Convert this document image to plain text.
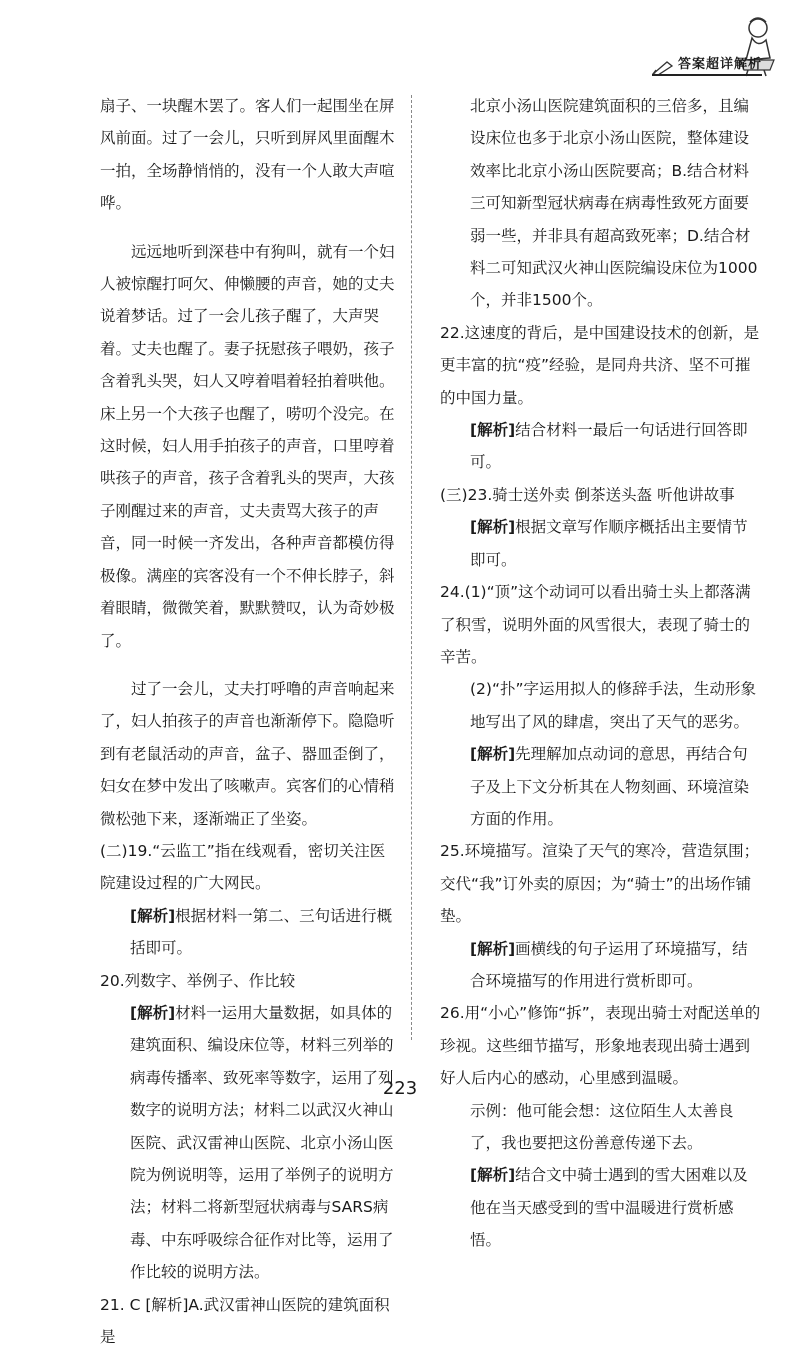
答案超详解析

扇子、一块醒木罢了。客人们一起围坐在屏风前面。过了一会儿，只听到屏风里面醒木一拍，全场静悄悄的，没有一个人敢大声喧哗。

远远地听到深巷中有狗叫，就有一个妇人被惊醒打呵欠、伸懒腰的声音，她的丈夫说着梦话。过了一会儿孩子醒了，大声哭着。丈夫也醒了。妻子抚慰孩子喂奶，孩子含着乳头哭，妇人又哼着唱着轻拍着哄他。床上另一个大孩子也醒了，唠叨个没完。在这时候，妇人用手拍孩子的声音，口里哼着哄孩子的声音，孩子含着乳头的哭声，大孩子刚醒过来的声音，丈夫责骂大孩子的声音，同一时候一齐发出，各种声音都模仿得极像。满座的宾客没有一个不伸长脖子，斜着眼睛，微微笑着，默默赞叹，认为奇妙极了。

过了一会儿，丈夫打呼噜的声音响起来了，妇人拍孩子的声音也渐渐停下。隐隐听到有老鼠活动的声音，盆子、器皿歪倒了，妇女在梦中发出了咳嗽声。宾客们的心情稍微松弛下来，逐渐端正了坐姿。

(二)19.“云监工”指在线观看，密切关注医院建设过程的广大网民。

[解析]根据材料一第二、三句话进行概括即可。

20.列数字、举例子、作比较

[解析]材料一运用大量数据，如具体的建筑面积、编设床位等，材料三列举的病毒传播率、致死率等数字，运用了列数字的说明方法；材料二以武汉火神山医院、武汉雷神山医院、北京小汤山医院为例说明等，运用了举例子的说明方法；材料二将新型冠状病毒与SARS病毒、中东呼吸综合征作对比等，运用了作比较的说明方法。

21. C [解析]A.武汉雷神山医院的建筑面积是

北京小汤山医院建筑面积的三倍多，且编设床位也多于北京小汤山医院，整体建设效率比北京小汤山医院要高；B.结合材料三可知新型冠状病毒在病毒性致死方面要弱一些，并非具有超高致死率；D.结合材料二可知武汉火神山医院编设床位为1000个，并非1500个。

22.这速度的背后，是中国建设技术的创新，是更丰富的抗“疫”经验，是同舟共济、坚不可摧的中国力量。

[解析]结合材料一最后一句话进行回答即可。

(三)23.骑士送外卖 倒茶送头盔 听他讲故事

[解析]根据文章写作顺序概括出主要情节即可。

24.(1)“顶”这个动词可以看出骑士头上都落满了积雪，说明外面的风雪很大，表现了骑士的辛苦。

(2)“扑”字运用拟人的修辞手法，生动形象地写出了风的肆虐，突出了天气的恶劣。

[解析]先理解加点动词的意思，再结合句子及上下文分析其在人物刻画、环境渲染方面的作用。

25.环境描写。渲染了天气的寒冷，营造氛围；交代“我”订外卖的原因；为“骑士”的出场作铺垫。

[解析]画横线的句子运用了环境描写，结合环境描写的作用进行赏析即可。

26.用“小心”修饰“拆”，表现出骑士对配送单的珍视。这些细节描写，形象地表现出骑士遇到好人后内心的感动，心里感到温暖。

示例：他可能会想：这位陌生人太善良了，我也要把这份善意传递下去。

[解析]结合文中骑士遇到的雪大困难以及他在当天感受到的雪中温暖进行赏析感悟。

223
